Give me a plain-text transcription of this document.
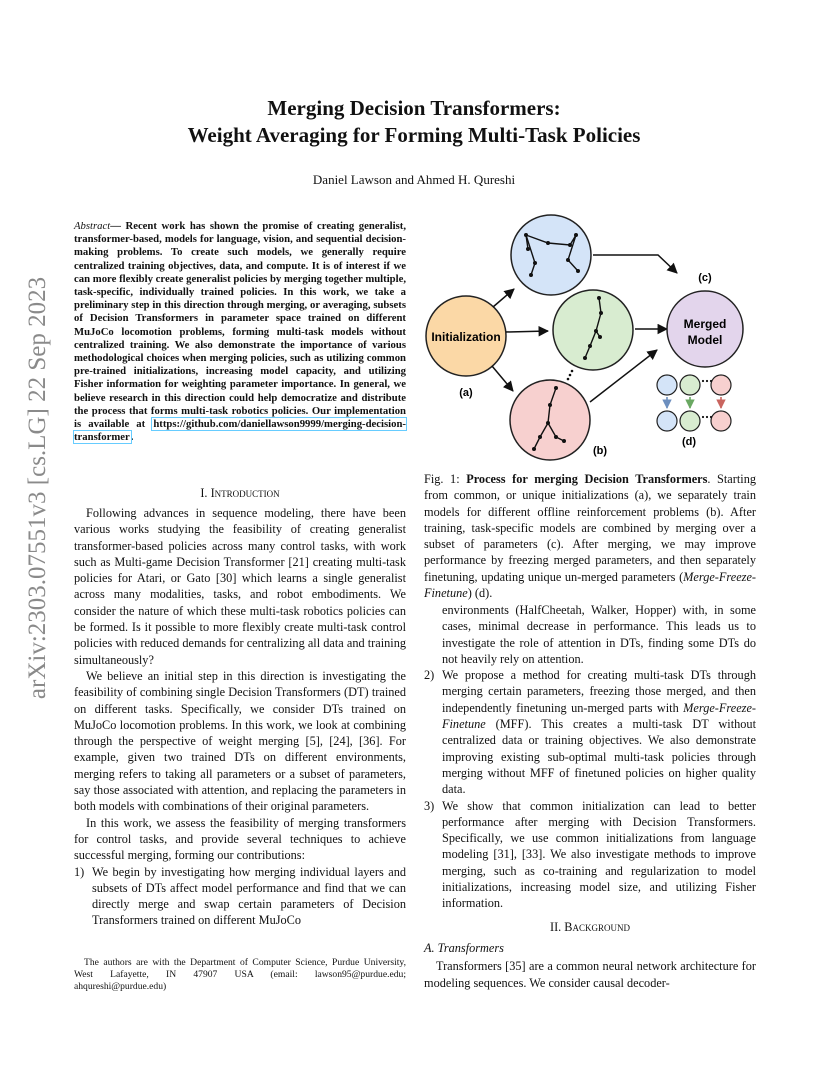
Merging Decision Transformers:
Weight Averaging for Forming Multi-Task Policies
Daniel Lawson and Ahmed H. Qureshi
arXiv:2303.07551v3 [cs.LG] 22 Sep 2023
Abstract— Recent work has shown the promise of creating generalist, transformer-based, models for language, vision, and sequential decision-making problems. To create such models, we generally require centralized training objectives, data, and compute. It is of interest if we can more flexibly create generalist policies by merging together multiple, task-specific, individually trained policies. In this work, we take a preliminary step in this direction through merging, or averaging, subsets of Decision Transformers in parameter space trained on different MuJoCo locomotion problems, forming multi-task models without centralized training. We also demonstrate the importance of various methodological choices when merging policies, such as utilizing common pre-trained initializations, increasing model capacity, and utilizing Fisher information for weighting parameter importance. In general, we believe research in this direction could help democratize and distribute the process that forms multi-task robotics policies. Our implementation is available at https://github.com/daniellawson9999/merging-decision-transformer.
I. Introduction

Following advances in sequence modeling, there have been various works studying the feasibility of creating generalist transformer-based policies across many control tasks, with work such as Multi-game Decision Transformer [21] creating multi-task policies for Atari, or Gato [30] which learns a single generalist across many modalities, tasks, and robot embodiments. We consider the nature of which these multi-task robotics policies can be formed. Is it possible to more flexibly create multi-task control policies with reduced demands for centralizing all data and training simultaneously?

We believe an initial step in this direction is investigating the feasibility of combining single Decision Transformers (DT) trained on different tasks. Specifically, we consider DTs trained on MuJoCo locomotion problems. In this work, we look at combining through the perspective of weight merging [5], [24], [36]. For example, given two trained DTs on different environments, merging refers to taking all parameters or a subset of parameters, say those associated with attention, and replacing the parameters in both models with combinations of their original parameters.

In this work, we assess the feasibility of merging transformers for control tasks, and provide several techniques to achieve successful merging, forming our contributions:

1) We begin by investigating how merging individual layers and subsets of DTs affect model performance and find that we can directly merge and swap certain parameters of Decision Transformers trained on different MuJoCo
The authors are with the Department of Computer Science, Purdue University, West Lafayette, IN 47907 USA (email: lawson95@purdue.edu; ahqureshi@purdue.edu)
Initialization
(a)
(b)
(c)
Merged
Model
(d)
Fig. 1: Process for merging Decision Transformers. Starting from common, or unique initializations (a), we separately train models for different offline reinforcement problems (b). After training, task-specific models are combined by merging over a subset of parameters (c). After merging, we may improve performance by freezing merged parameters, and then separately finetuning, updating unique un-merged parameters (Merge-Freeze-Finetune) (d).
environments (HalfCheetah, Walker, Hopper) with, in some cases, minimal decrease in performance. This leads us to investigate the role of attention in DTs, finding some DTs do not heavily rely on attention.
2) We propose a method for creating multi-task DTs through merging certain parameters, freezing those merged, and then independently finetuning un-merged parts with Merge-Freeze-Finetune (MFF). This creates a multi-task DT without centralized data or training objectives. We also demonstrate improving existing sub-optimal multi-task policies through merging without MFF of finetuned policies on higher quality data.
3) We show that common initialization can lead to better performance after merging with Decision Transformers. Specifically, we use common initializations from language modeling [31], [33]. We also investigate methods to improve merging, such as co-training and regularization to model initializations, increasing model size, and utilizing Fisher information.
II. Background
A. Transformers

Transformers [35] are a common neural network architecture for modeling sequences. We consider causal decoder-
